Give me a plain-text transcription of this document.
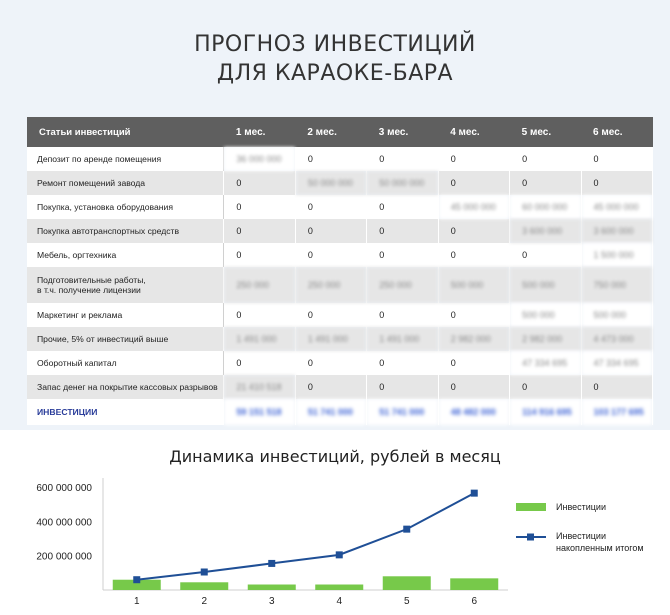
ПРОГНОЗ ИНВЕСТИЦИЙ
ДЛЯ КАРАОКЕ-БАРА
Статьи инвестиций	1 мес.	2 мес.	3 мес.	4 мес.	5 мес.	6 мес.
Депозит по аренде помещения	36 000 000	0	0	0	0	0
Ремонт помещений завода	0	50 000 000	50 000 000	0	0	0
Покупка, установка оборудования	0	0	0	45 000 000	60 000 000	45 000 000
Покупка автотранспортных средств	0	0	0	0	3 600 000	3 600 000
Мебель, оргтехника	0	0	0	0	0	1 500 000
Подготовительные работы,
в т.ч. получение лицензии	250 000	250 000	250 000	500 000	500 000	750 000
Маркетинг и реклама	0	0	0	0	500 000	500 000
Прочие, 5% от инвестиций выше	1 491 000	1 491 000	1 491 000	2 982 000	2 982 000	4 473 000
Оборотный капитал	0	0	0	0	47 334 695	47 334 695
Запас денег на покрытие кассовых разрывов	21 410 518	0	0	0	0	0
ИНВЕСТИЦИИ	59 151 518	51 741 000	51 741 000	48 482 000	114 916 695	103 177 695
Динамика инвестиций, рублей в месяц
200 000 000
400 000 000
600 000 000
1	2	3	4	5	6
Инвестиции
Инвестиции
накопленным итогом
